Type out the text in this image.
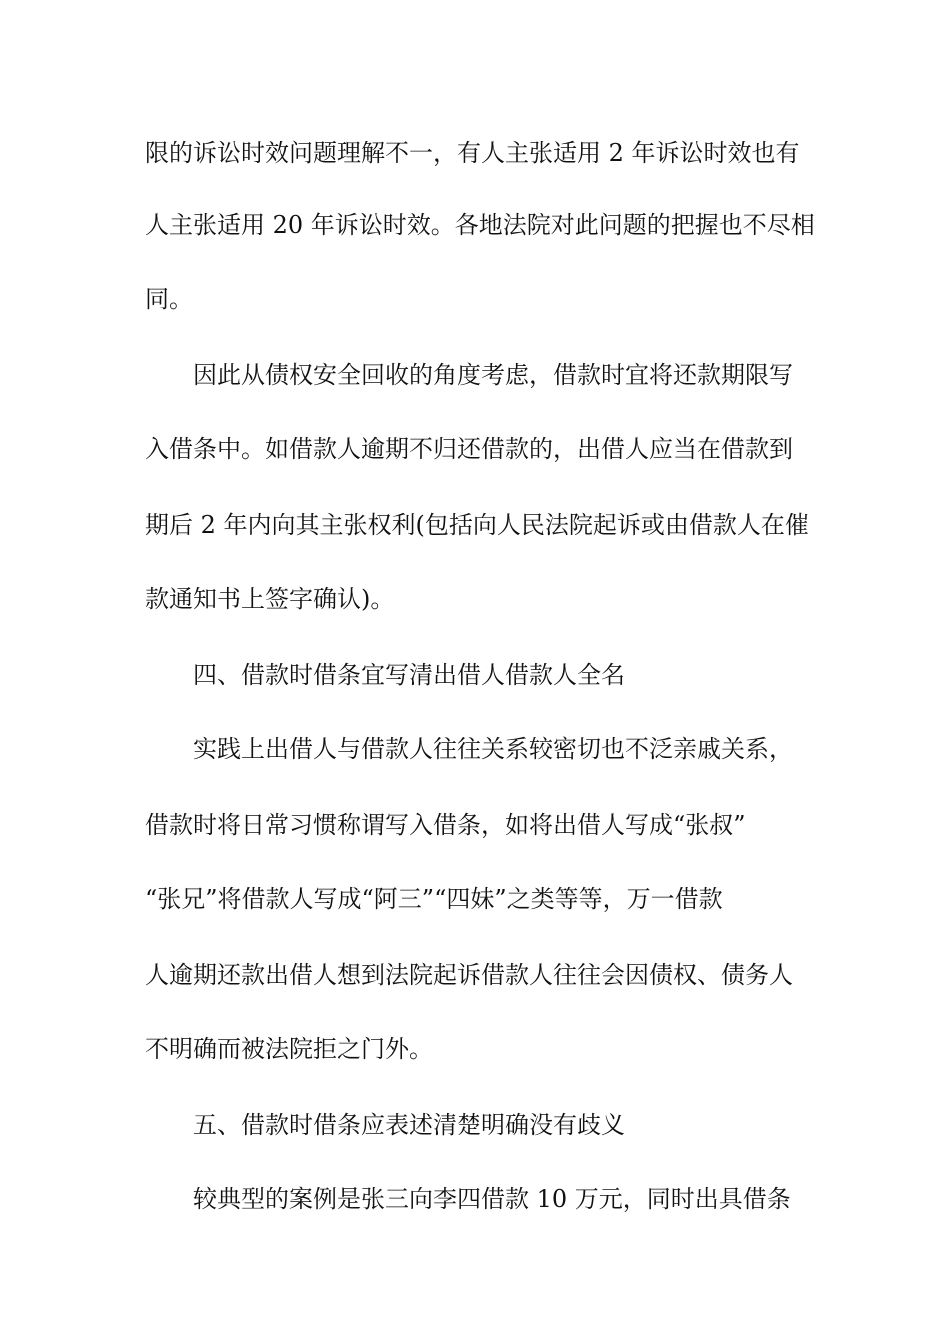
限的诉讼时效问题理解不一，有人主张适用 2 年诉讼时效也有
人主张适用 20 年诉讼时效。各地法院对此问题的把握也不尽相
同。
因此从债权安全回收的角度考虑，借款时宜将还款期限写
入借条中。如借款人逾期不归还借款的，出借人应当在借款到
期后 2 年内向其主张权利(包括向人民法院起诉或由借款人在催
款通知书上签字确认)。
四、借款时借条宜写清出借人借款人全名
实践上出借人与借款人往往关系较密切也不泛亲戚关系，
借款时将日常习惯称谓写入借条，如将出借人写成“张叔”
“张兄”将借款人写成“阿三”“四妹”之类等等，万一借款
人逾期还款出借人想到法院起诉借款人往往会因债权、债务人
不明确而被法院拒之门外。
五、借款时借条应表述清楚明确没有歧义
较典型的案例是张三向李四借款 10 万元，同时出具借条
